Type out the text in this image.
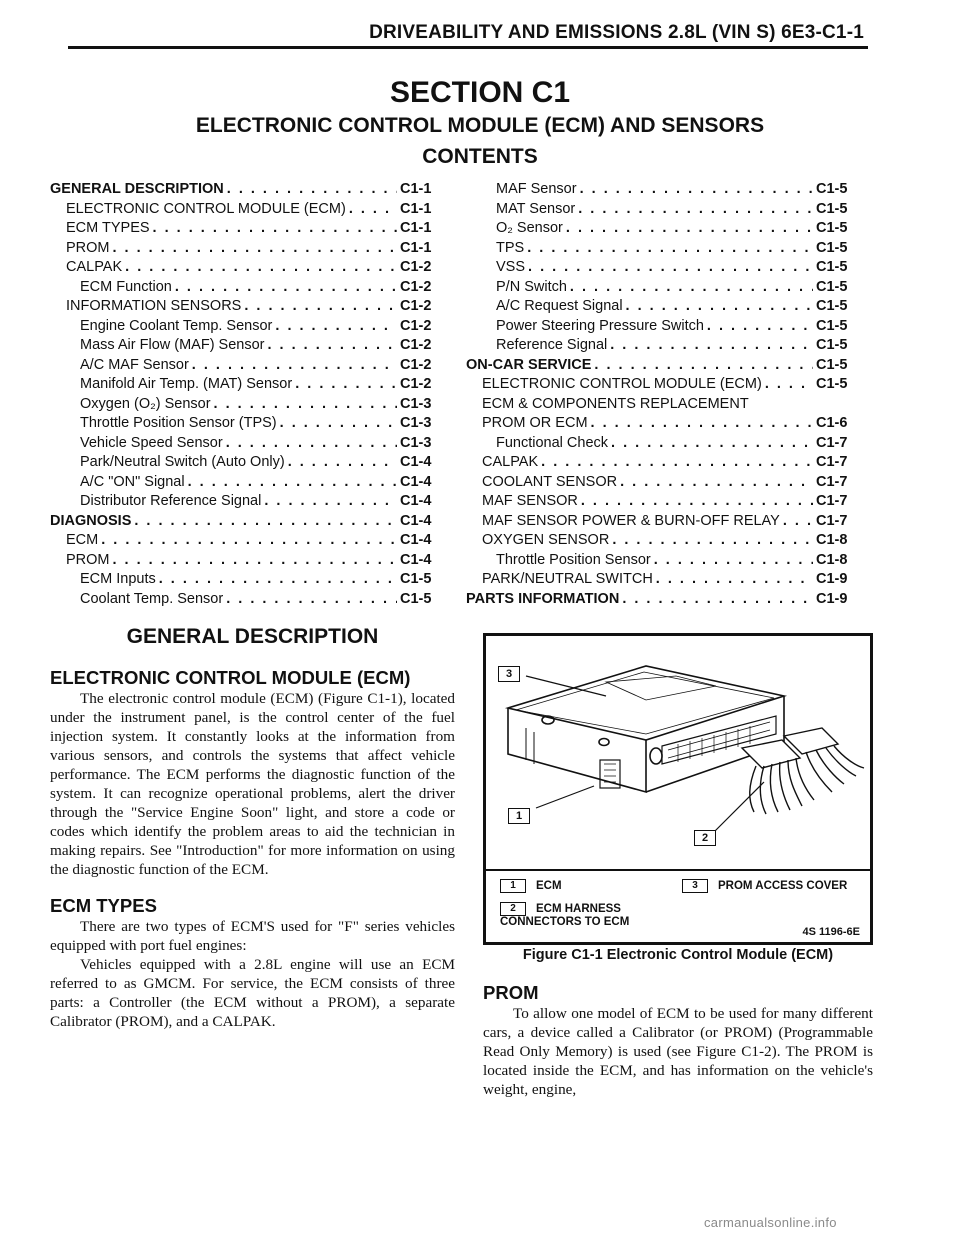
DRIVEABILITY AND EMISSIONS 2.8L (VIN S) 6E3-C1-1
SECTION C1
ELECTRONIC CONTROL MODULE (ECM) AND SENSORS
CONTENTS
GENERAL DESCRIPTION . . .	C1-1
ELECTRONIC CONTROL MODULE (ECM) . . .	C1-1
ECM TYPES . . .	C1-1
PROM . . .	C1-1
CALPAK . . .	C1-2
ECM Function . . .	C1-2
INFORMATION SENSORS . . .	C1-2
Engine Coolant Temp. Sensor . . .	C1-2
Mass Air Flow (MAF) Sensor . . .	C1-2
A/C MAF Sensor . . .	C1-2
Manifold Air Temp. (MAT) Sensor . . .	C1-2
Oxygen (O₂) Sensor . . .	C1-3
Throttle Position Sensor (TPS) . . .	C1-3
Vehicle Speed Sensor . . .	C1-3
Park/Neutral Switch (Auto Only) . . .	C1-4
A/C "ON" Signal . . .	C1-4
Distributor Reference Signal . . .	C1-4
DIAGNOSIS . . .	C1-4
ECM . . .	C1-4
PROM . . .	C1-4
ECM Inputs . . .	C1-5
Coolant Temp. Sensor . . .	C1-5
MAF Sensor . . .	C1-5
MAT Sensor . . .	C1-5
O₂ Sensor . . .	C1-5
TPS . . .	C1-5
VSS . . .	C1-5
P/N Switch . . .	C1-5
A/C Request Signal . . .	C1-5
Power Steering Pressure Switch . . .	C1-5
Reference Signal . . .	C1-5
ON-CAR SERVICE . . .	C1-5
ELECTRONIC CONTROL MODULE (ECM) . . .	C1-5
ECM & COMPONENTS REPLACEMENT
PROM OR ECM . . .	C1-6
Functional Check . . .	C1-7
CALPAK . . .	C1-7
COOLANT SENSOR . . .	C1-7
MAF SENSOR . . .	C1-7
MAF SENSOR POWER & BURN-OFF RELAY . . . C1-7
OXYGEN SENSOR . . .	C1-8
Throttle Position Sensor . . .	C1-8
PARK/NEUTRAL SWITCH . . .	C1-9
PARTS INFORMATION . . .	C1-9
GENERAL DESCRIPTION
ELECTRONIC CONTROL MODULE (ECM)

The electronic control module (ECM) (Figure C1-1), located under the instrument panel, is the control center of the fuel injection system. It constantly looks at the information from various sensors, and controls the systems that affect vehicle performance. The ECM performs the diagnostic function of the system. It can recognize operational problems, alert the driver through the "Service Engine Soon" light, and store a code or codes which identify the problem areas to aid the technician in making repairs. See "Introduction" for more information on using the diagnostic function of the ECM.

ECM TYPES

There are two types of ECM'S used for "F" series vehicles equipped with port fuel engines:

Vehicles equipped with a 2.8L engine will use an ECM referred to as GMCM. For service, the ECM consists of three parts: a Controller (the ECM without a PROM), a separate Calibrator (PROM), and a CALPAK.

3
1
2
1 ECM	3 PROM ACCESS COVER
2 ECM HARNESS CONNECTORS TO ECM
4S 1196-6E
Figure C1-1 Electronic Control Module (ECM)
PROM

To allow one model of ECM to be used for many different cars, a device called a Calibrator (or PROM) (Programmable Read Only Memory) is used (see Figure C1-2). The PROM is located inside the ECM, and has information on the vehicle's weight, engine,

carmanualsonline.info
